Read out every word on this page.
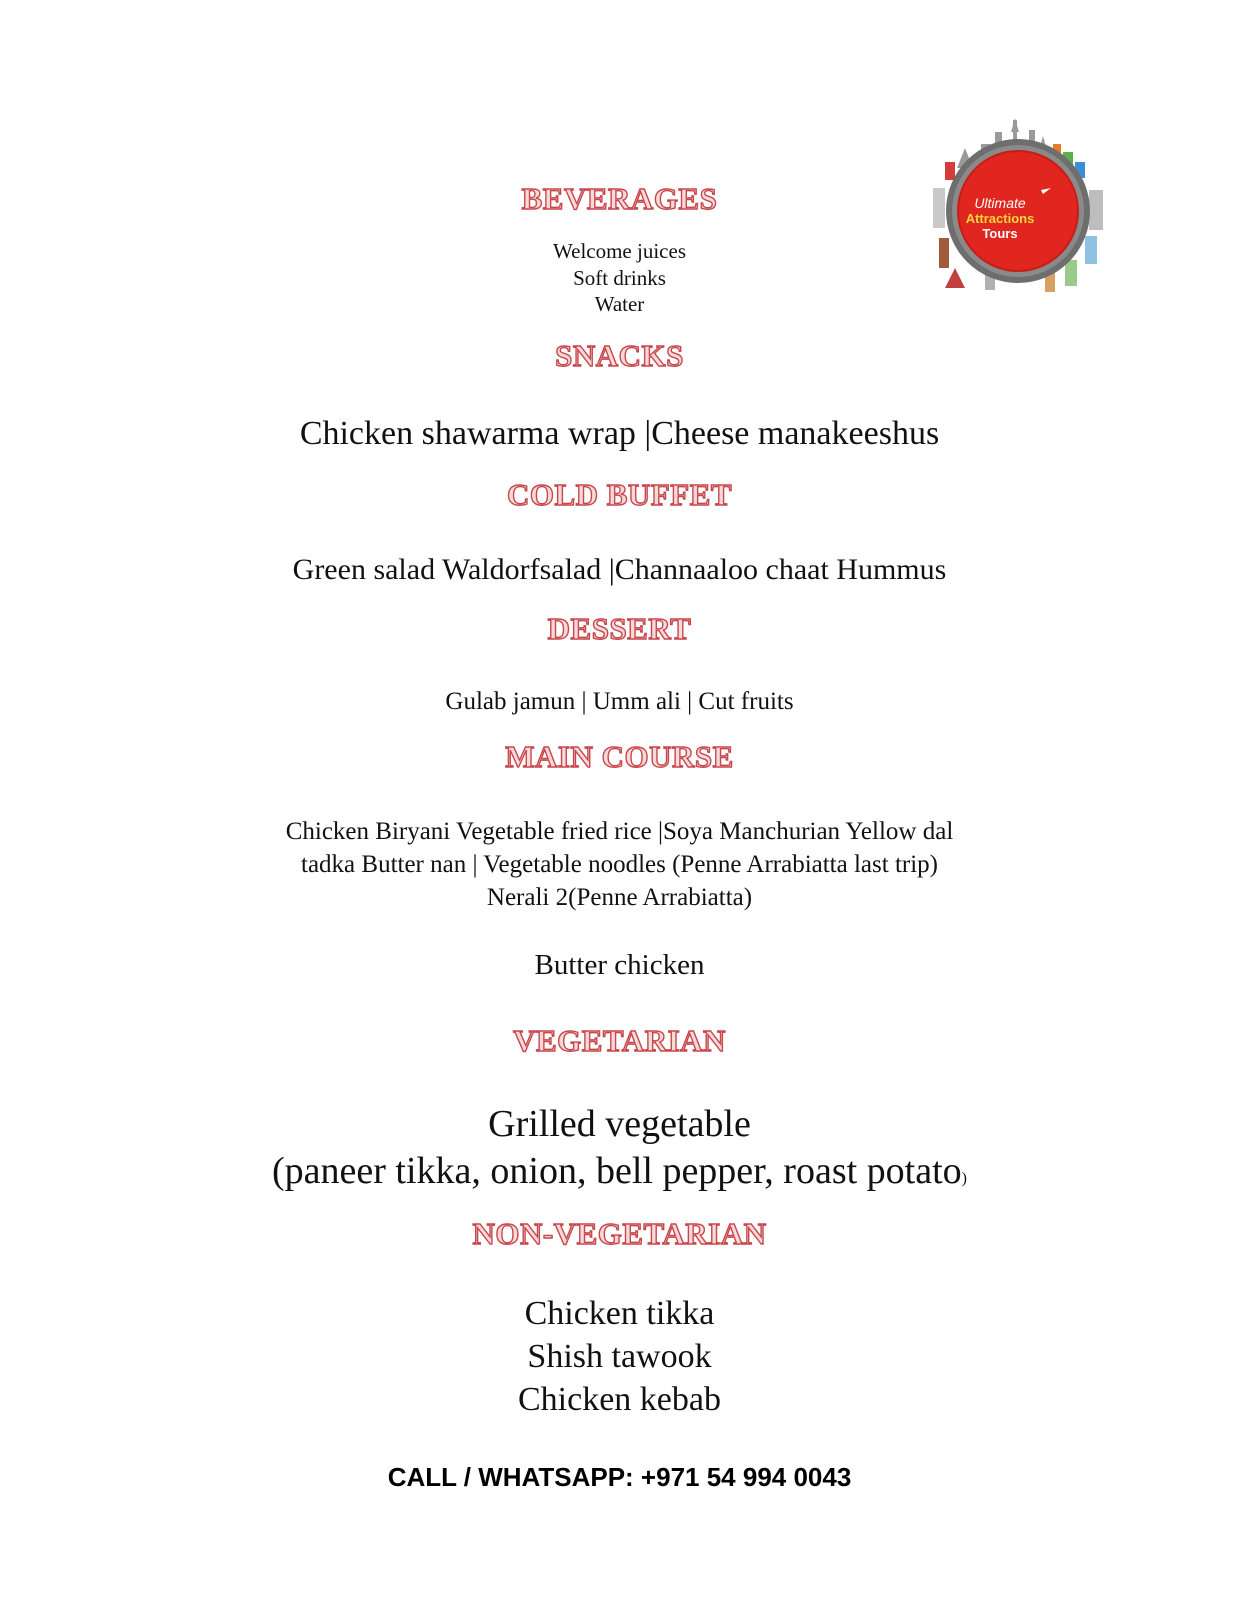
Ultimate
Attractions
Tours
BEVERAGES
Welcome juices
Soft drinks
Water
SNACKS
Chicken shawarma wrap |Cheese manakeeshus
COLD BUFFET
Green salad Waldorfsalad |Channaaloo chaat Hummus
DESSERT
Gulab jamun | Umm ali | Cut fruits
MAIN COURSE
Chicken Biryani Vegetable fried rice |Soya Manchurian Yellow dal
tadka Butter nan | Vegetable noodles (Penne Arrabiatta last trip)
Nerali 2(Penne Arrabiatta)
Butter chicken
VEGETARIAN
Grilled vegetable
(paneer tikka, onion, bell pepper, roast potato)
NON-VEGETARIAN
Chicken tikka
Shish tawook
Chicken kebab
CALL / WHATSAPP: +971 54 994 0043
